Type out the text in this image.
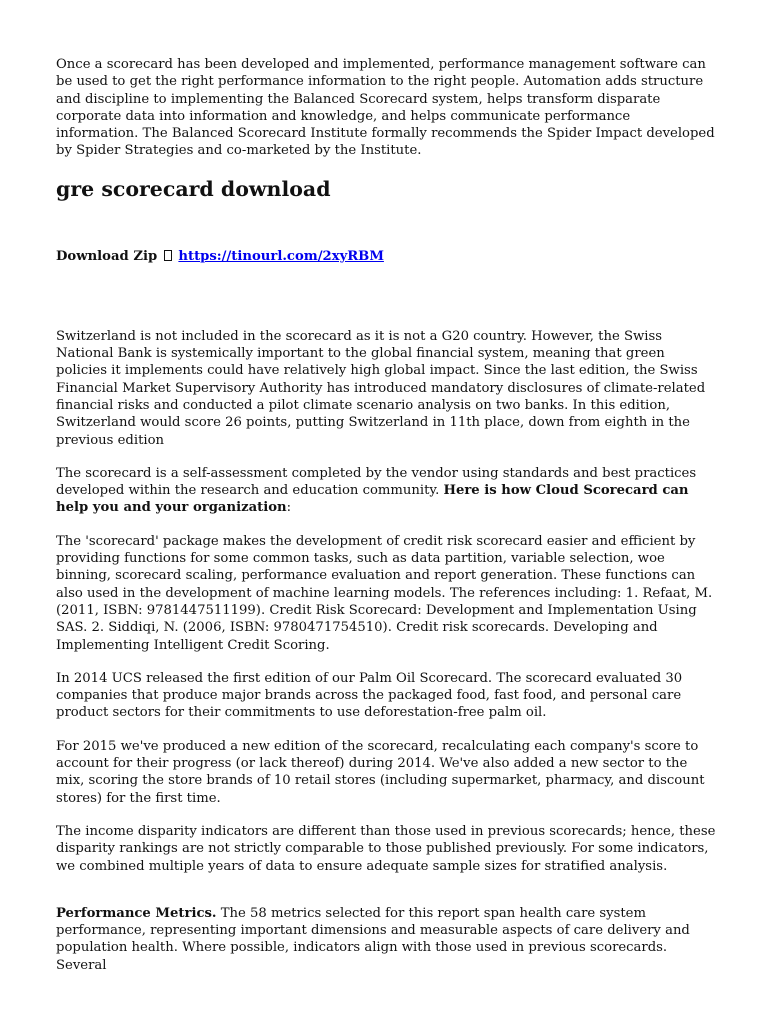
Once a scorecard has been developed and implemented, performance management software can be used to get the right performance information to the right people. Automation adds structure and discipline to implementing the Balanced Scorecard system, helps transform disparate corporate data into information and knowledge, and helps communicate performance information. The Balanced Scorecard Institute formally recommends the Spider Impact developed by Spider Strategies and co-marketed by the Institute.

gre scorecard download
Download Zip https://tinourl.com/2xyRBM

Switzerland is not included in the scorecard as it is not a G20 country. However, the Swiss National Bank is systemically important to the global financial system, meaning that green policies it implements could have relatively high global impact. Since the last edition, the Swiss Financial Market Supervisory Authority has introduced mandatory disclosures of climate-related financial risks and conducted a pilot climate scenario analysis on two banks. In this edition, Switzerland would score 26 points, putting Switzerland in 11th place, down from eighth in the previous edition

The scorecard is a self-assessment completed by the vendor using standards and best practices developed within the research and education community. Here is how Cloud Scorecard can help you and your organization:

The 'scorecard' package makes the development of credit risk scorecard easier and efficient by providing functions for some common tasks, such as data partition, variable selection, woe binning, scorecard scaling, performance evaluation and report generation. These functions can also used in the development of machine learning models. The references including: 1. Refaat, M. (2011, ISBN: 9781447511199). Credit Risk Scorecard: Development and Implementation Using SAS. 2. Siddiqi, N. (2006, ISBN: 9780471754510). Credit risk scorecards. Developing and Implementing Intelligent Credit Scoring.

In 2014 UCS released the first edition of our Palm Oil Scorecard. The scorecard evaluated 30 companies that produce major brands across the packaged food, fast food, and personal care product sectors for their commitments to use deforestation-free palm oil.

For 2015 we've produced a new edition of the scorecard, recalculating each company's score to account for their progress (or lack thereof) during 2014. We've also added a new sector to the mix, scoring the store brands of 10 retail stores (including supermarket, pharmacy, and discount stores) for the first time.

The income disparity indicators are different than those used in previous scorecards; hence, these disparity rankings are not strictly comparable to those published previously. For some indicators, we combined multiple years of data to ensure adequate sample sizes for stratified analysis.

Performance Metrics. The 58 metrics selected for this report span health care system performance, representing important dimensions and measurable aspects of care delivery and population health. Where possible, indicators align with those used in previous scorecards. Several
